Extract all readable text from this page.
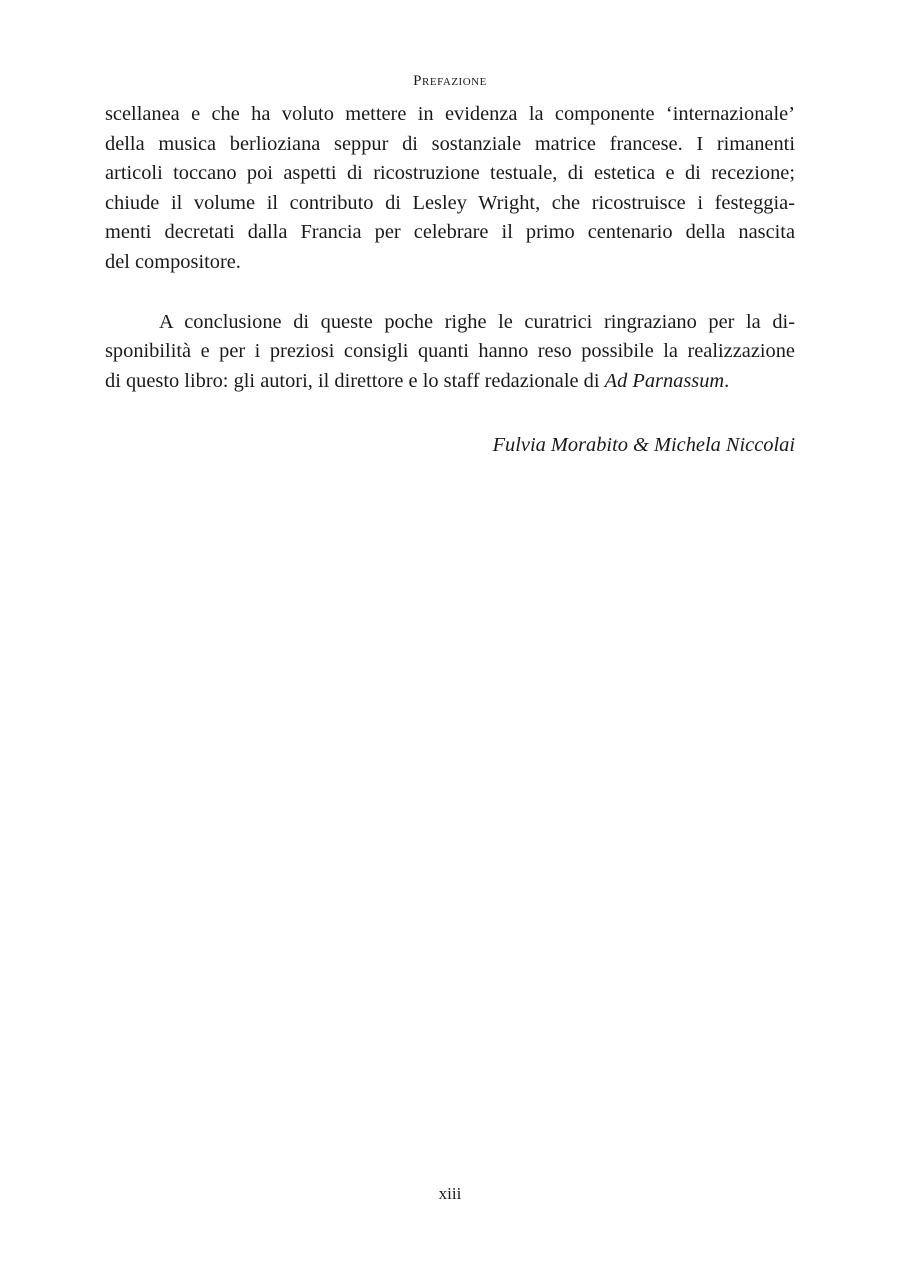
Prefazione
scellanea e che ha voluto mettere in evidenza la componente ‘internazionale’
della musica berlioziana seppur di sostanziale matrice francese. I rimanenti
articoli toccano poi aspetti di ricostruzione testuale, di estetica e di recezione;
chiude il volume il contributo di Lesley Wright, che ricostruisce i festeggia-
menti decretati dalla Francia per celebrare il primo centenario della nascita
del compositore.
A conclusione di queste poche righe le curatrici ringraziano per la di-
sponibilità e per i preziosi consigli quanti hanno reso possibile la realizzazione
di questo libro: gli autori, il direttore e lo staff redazionale di Ad Parnassum.
Fulvia Morabito & Michela Niccolai
xiii
